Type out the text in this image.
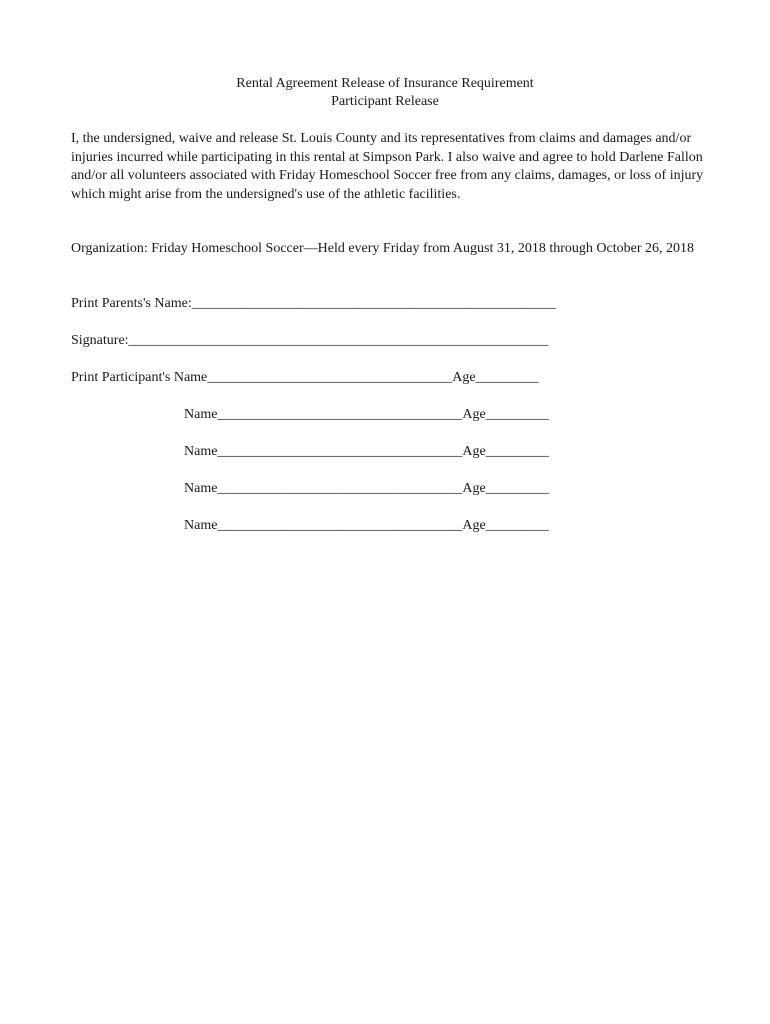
Rental Agreement Release of Insurance Requirement
Participant Release

I, the undersigned, waive and release St. Louis County and its representatives from claims and damages and/or injuries incurred while participating in this rental at Simpson Park. I also waive and agree to hold Darlene Fallon and/or all volunteers associated with Friday Homeschool Soccer free from any claims, damages, or loss of injury which might arise from the undersigned's use of the athletic facilities.

Organization: Friday Homeschool Soccer—Held every Friday from August 31, 2018 through October 26, 2018

Print Parents's Name:____________________________________________________
Signature:____________________________________________________________
Print Participant's Name___________________________________Age_________
Name___________________________________Age_________
Name___________________________________Age_________
Name___________________________________Age_________
Name___________________________________Age_________
